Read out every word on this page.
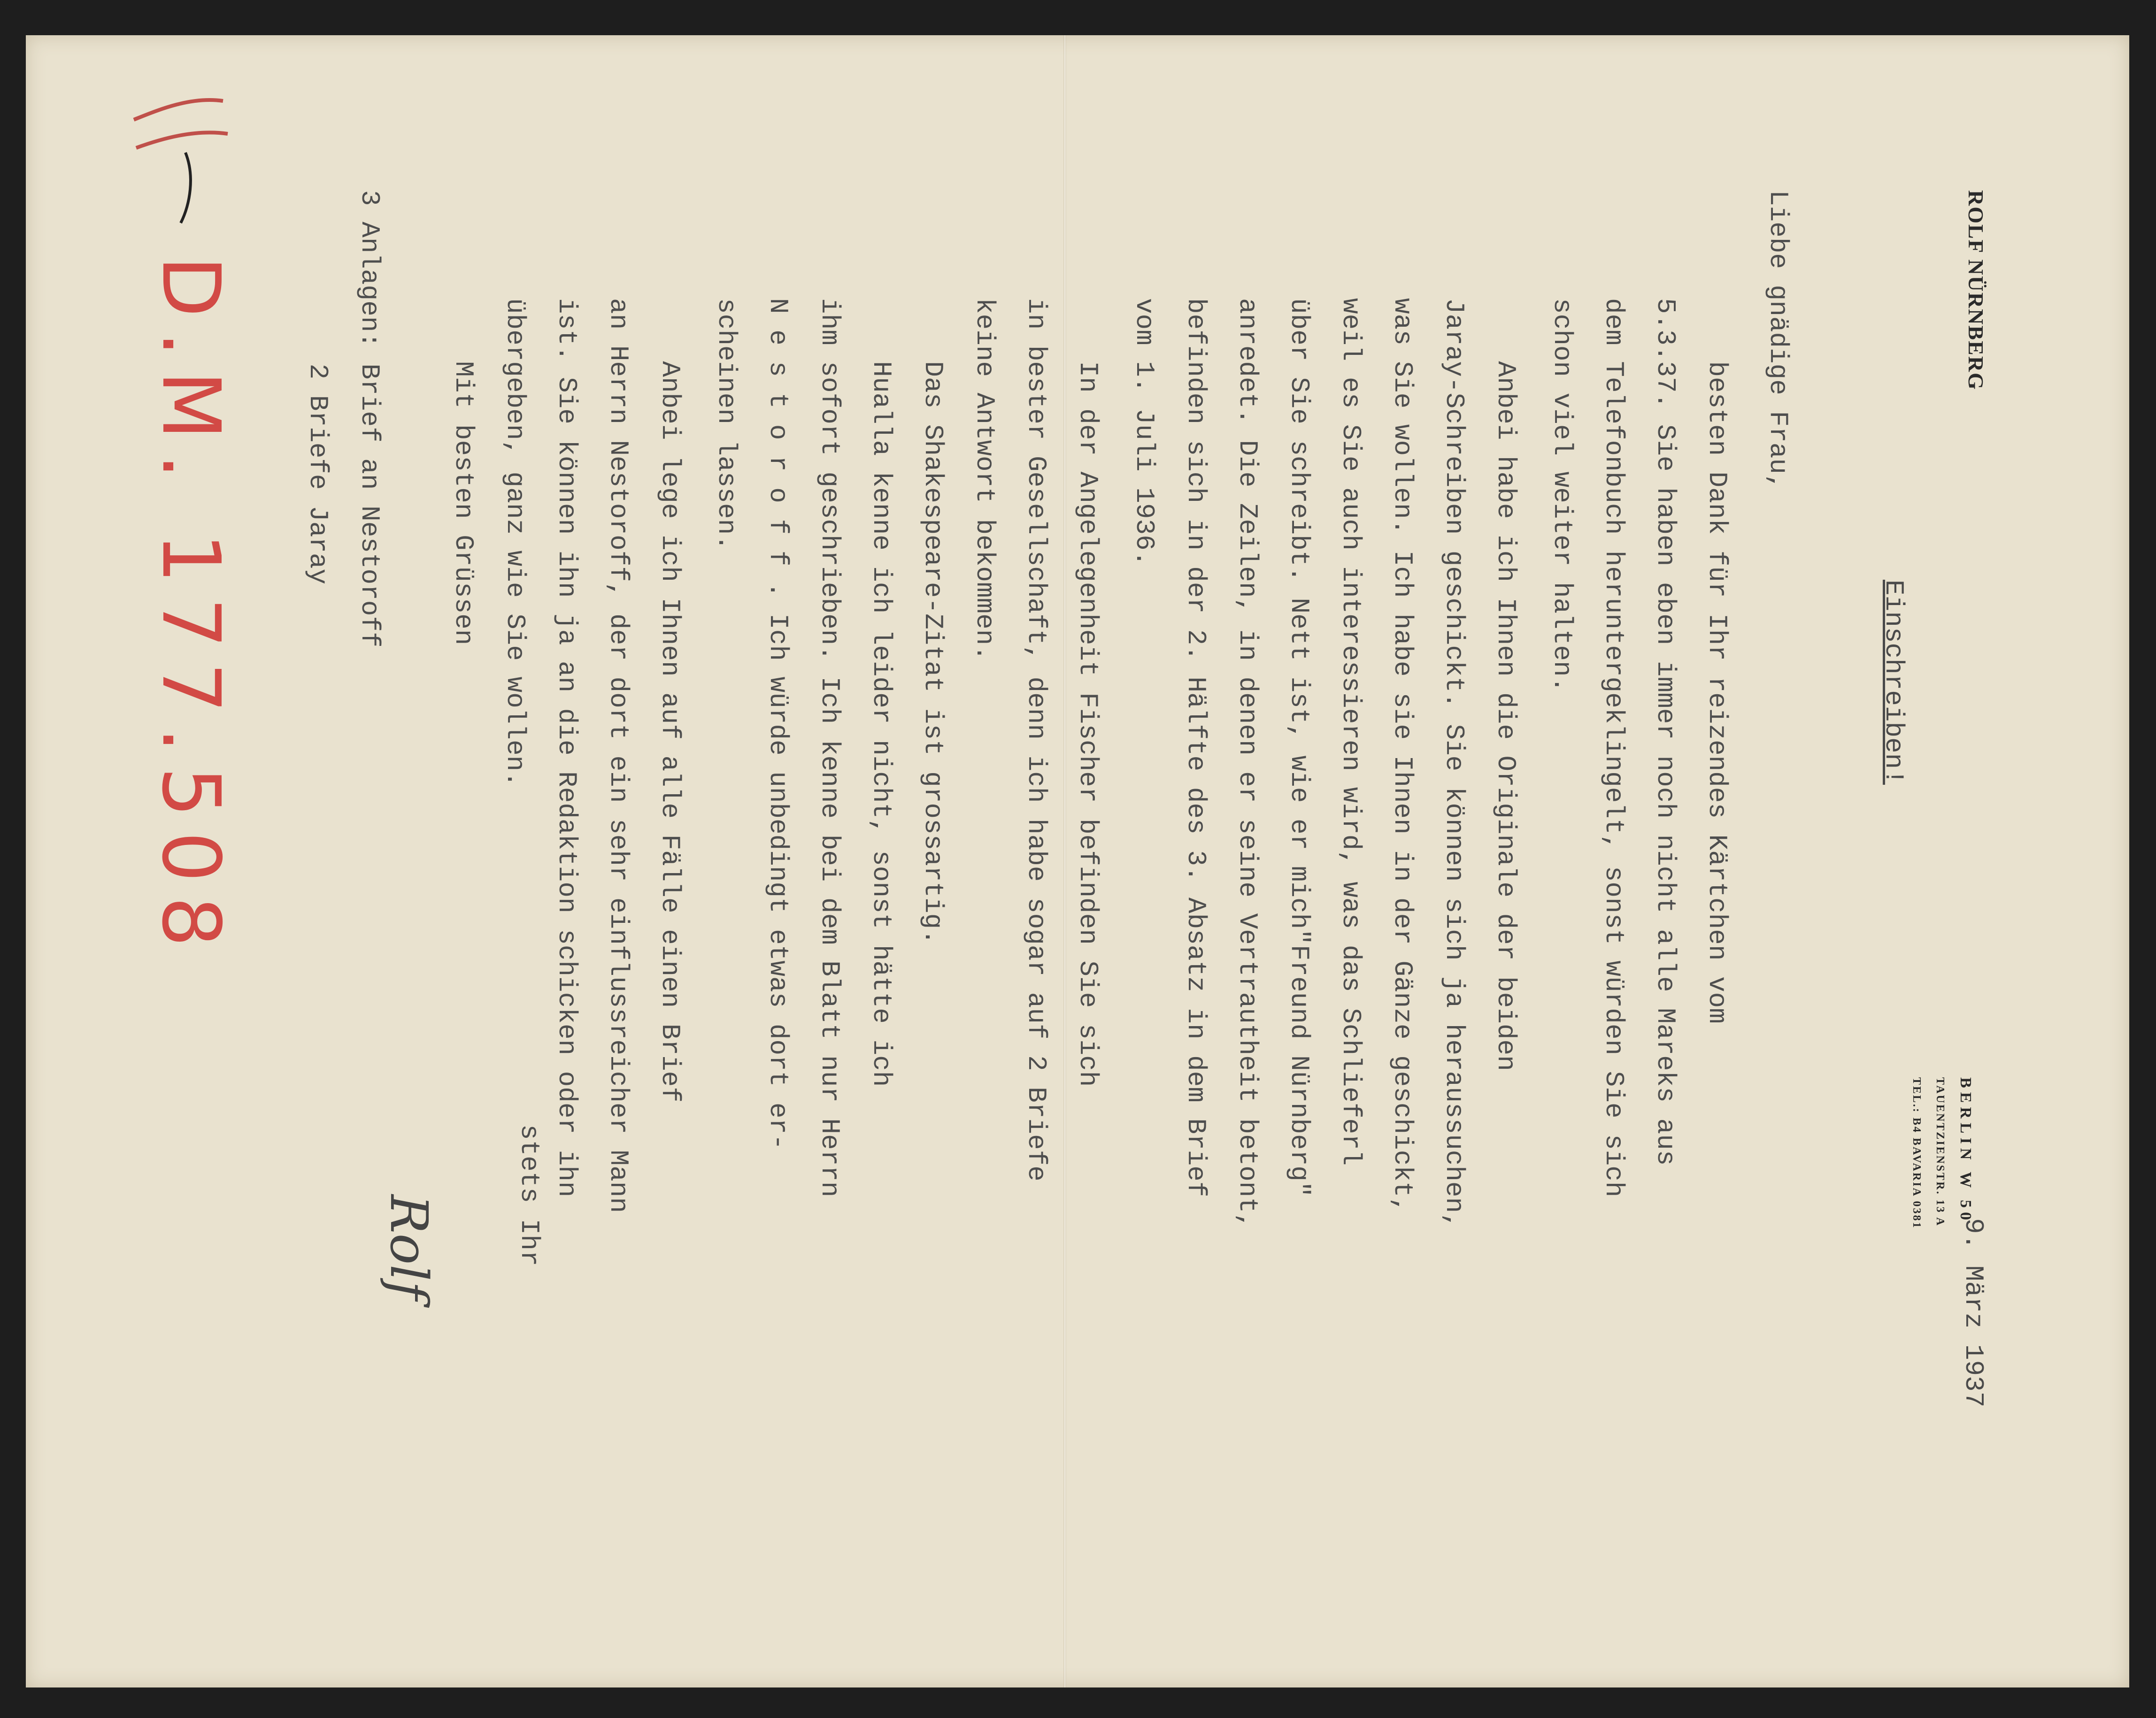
ROLF NÜRNBERG
BERLIN W 50
TAUENTZIENSTR. 13 A
TEL.: B4 BAVARIA 0381
9. März 1937
Einschreiben!
Liebe gnädige Frau,
besten Dank für Ihr reizendes Kärtchen vom
5.3.37. Sie haben eben immer noch nicht alle Mareks aus
dem Telefonbuch heruntergeklingelt, sonst würden Sie sich
schon viel weiter halten.
Anbei habe ich Ihnen die Originale der beiden
Jaray-Schreiben geschickt. Sie können sich ja heraussuchen,
was Sie wollen. Ich habe sie Ihnen in der Gänze geschickt,
weil es Sie auch interessieren wird, was das Schlieferl
über Sie schreibt. Nett ist, wie er mich"Freund Nürnberg"
anredet. Die Zeilen, in denen er seine Vertrautheit betont,
befinden sich in der 2. Hälfte des 3. Absatz in dem Brief
vom 1. Juli 1936.
In der Angelegenheit Fischer befinden Sie sich
in bester Gesellschaft, denn ich habe sogar auf 2 Briefe
keine Antwort bekommen.
Das Shakespeare-Zitat ist grossartig.
Hualla kenne ich leider nicht, sonst hätte ich
ihm sofort geschrieben. Ich kenne bei dem Blatt nur Herrn
N e s t o r o f f . Ich würde unbedingt etwas dort er-
scheinen lassen.
Anbei lege ich Ihnen auf alle Fälle einen Brief
an Herrn Nestoroff, der dort ein sehr einflussreicher Mann
ist. Sie können ihn ja an die Redaktion schicken oder ihn
übergeben, ganz wie Sie wollen.
Mit besten Grüssen
stets Ihr
Rolf
3 Anlagen: Brief an Nestoroff
2 Briefe Jaray
D.M. 177.508
